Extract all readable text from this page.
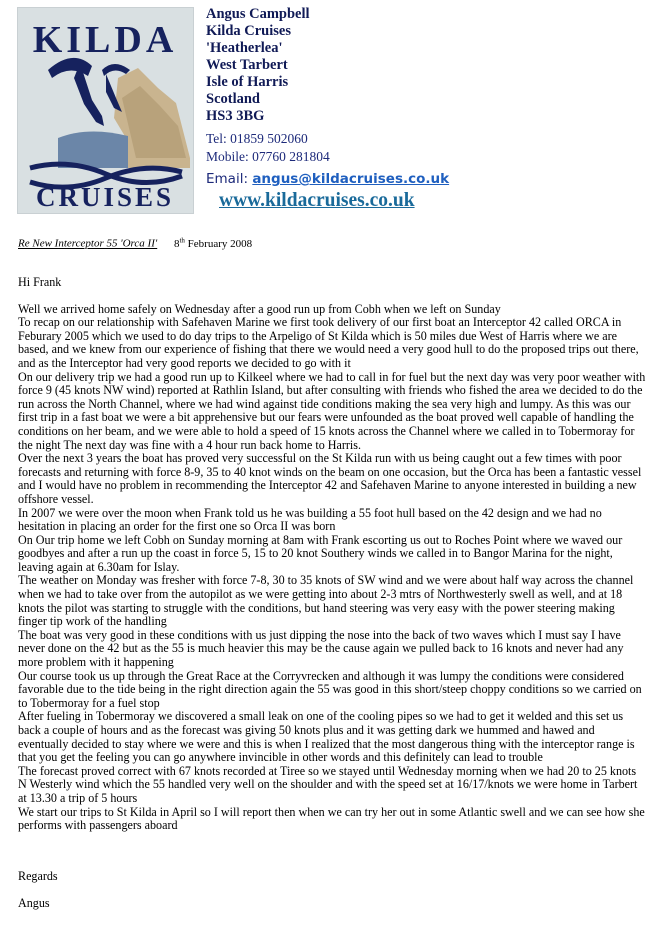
KILDA
CRUISES
Angus Campbell
Kilda Cruises
'Heatherlea'
West Tarbert
Isle of Harris
Scotland
HS3 3BG
Tel: 01859 502060
Mobile: 07760 281804
Email: angus@kildacruises.co.uk
www.kildacruises.co.uk
Re New Interceptor 55 'Orca II' 8th February 2008

Hi Frank

Well we arrived home safely on Wednesday after a good run up from Cobh when we left on Sunday

To recap on our relationship with Safehaven Marine we first took delivery of our first boat an Interceptor 42 called ORCA in Feburary 2005 which we used to do day trips to the Arpeligo of St Kilda which is 50 miles due West of Harris where we are based, and we knew from our experience of fishing that there we would need a very good hull to do the proposed trips out there, and as the Interceptor had very good reports we decided to go with it

On our delivery trip we had a good run up to Kilkeel where we had to call in for fuel but the next day was very poor weather with force 9 (45 knots NW wind) reported at Rathlin Island, but after consulting with friends who fished the area we decided to do the run across the North Channel, where we had wind against tide conditions making the sea very high and lumpy. As this was our first trip in a fast boat we were a bit apprehensive but our fears were unfounded as the boat proved well capable of handling the conditions on her beam, and we were able to hold a speed of 15 knots across the Channel where we called in to Tobermoray for the night The next day was fine with a 4 hour run back home to Harris.

Over the next 3 years the boat has proved very successful on the St Kilda run with us being caught out a few times with poor forecasts and returning with force 8-9, 35 to 40 knot winds on the beam on one occasion, but the Orca has been a fantastic vessel and I would have no problem in recommending the Interceptor 42 and Safehaven Marine to anyone interested in building a new offshore vessel.

In 2007 we were over the moon when Frank told us he was building a 55 foot hull based on the 42 design and we had no hesitation in placing an order for the first one so Orca II was born

On Our trip home we left Cobh on Sunday morning at 8am with Frank escorting us out to Roches Point where we waved our goodbyes and after a run up the coast in force 5, 15 to 20 knot Southery winds we called in to Bangor Marina for the night, leaving again at 6.30am for Islay.

The weather on Monday was fresher with force 7-8, 30 to 35 knots of SW wind and we were about half way across the channel when we had to take over from the autopilot as we were getting into about 2-3 mtrs of Northwesterly swell as well, and at 18 knots the pilot was starting to struggle with the conditions, but hand steering was very easy with the power steering making finger tip work of the handling

The boat was very good in these conditions with us just dipping the nose into the back of two waves which I must say I have never done on the 42 but as the 55 is much heavier this may be the cause again we pulled back to 16 knots and never had any more problem with it happening

Our course took us up through the Great Race at the Corryvrecken and although it was lumpy the conditions were considered favorable due to the tide being in the right direction again the 55 was good in this short/steep choppy conditions so we carried on to Tobermoray for a fuel stop

After fueling in Tobermoray we discovered a small leak on one of the cooling pipes so we had to get it welded and this set us back a couple of hours and as the forecast was giving 50 knots plus and it was getting dark we hummed and hawed and eventually decided to stay where we were and this is when I realized that the most dangerous thing with the interceptor range is that you get the feeling you can go anywhere invincible in other words and this definitely can lead to trouble

The forecast proved correct with 67 knots recorded at Tiree so we stayed until Wednesday morning when we had 20 to 25 knots N Westerly wind which the 55 handled very well on the shoulder and with the speed set at 16/17/knots we were home in Tarbert at 13.30 a trip of 5 hours

We start our trips to St Kilda in April so I will report then when we can try her out in some Atlantic swell and we can see how she performs with passengers aboard

Regards
Angus
